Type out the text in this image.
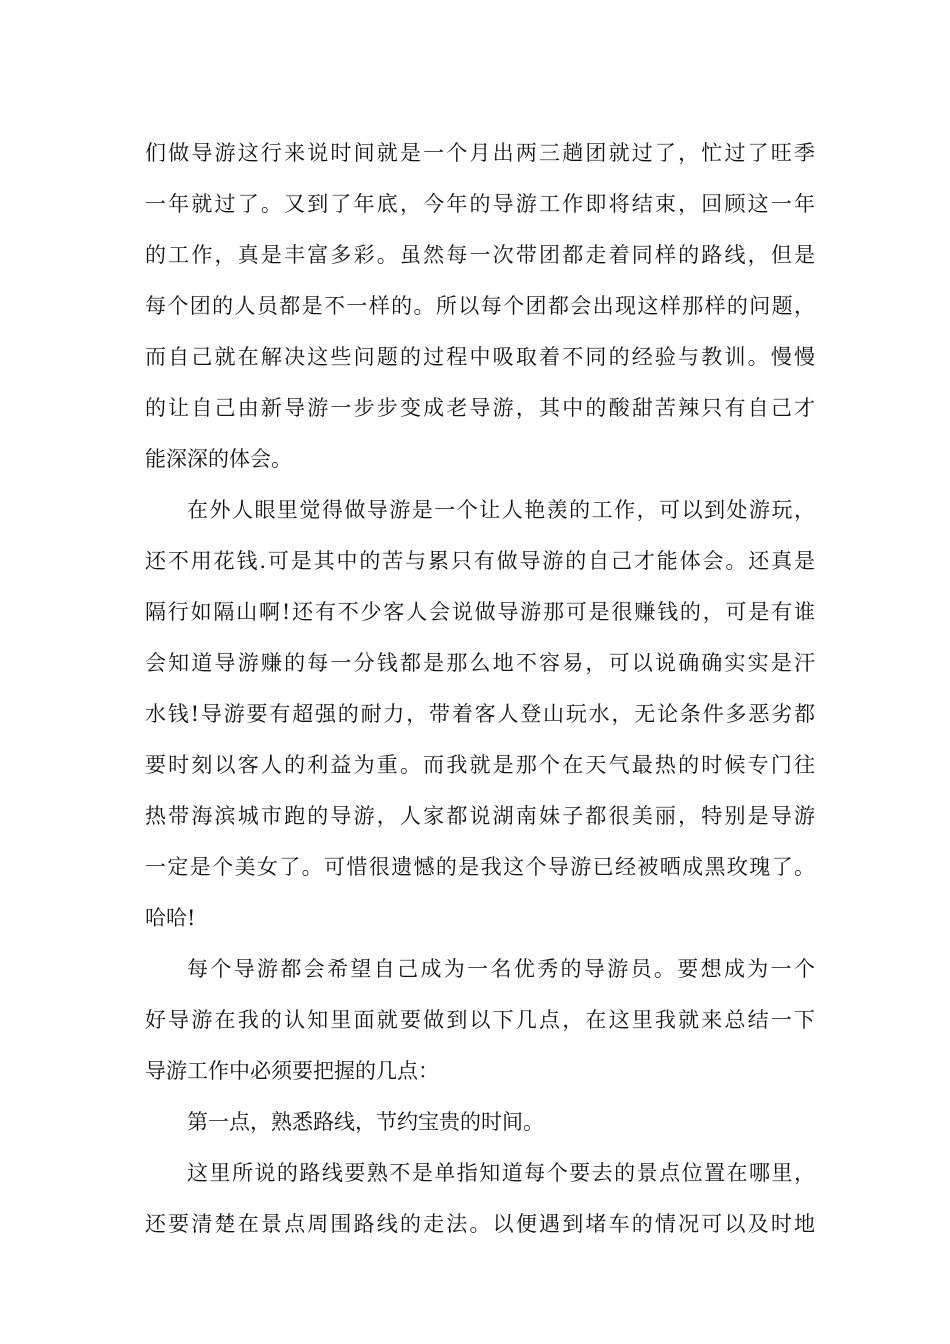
们做导游这行来说时间就是一个月出两三趟团就过了，忙过了旺季
一年就过了。又到了年底，今年的导游工作即将结束，回顾这一年
的工作，真是丰富多彩。虽然每一次带团都走着同样的路线，但是
每个团的人员都是不一样的。所以每个团都会出现这样那样的问题，
而自己就在解决这些问题的过程中吸取着不同的经验与教训。慢慢
的让自己由新导游一步步变成老导游，其中的酸甜苦辣只有自己才
能深深的体会。
在外人眼里觉得做导游是一个让人艳羡的工作，可以到处游玩，
还不用花钱.可是其中的苦与累只有做导游的自己才能体会。还真是
隔行如隔山啊!还有不少客人会说做导游那可是很赚钱的，可是有谁
会知道导游赚的每一分钱都是那么地不容易，可以说确确实实是汗
水钱!导游要有超强的耐力，带着客人登山玩水，无论条件多恶劣都
要时刻以客人的利益为重。而我就是那个在天气最热的时候专门往
热带海滨城市跑的导游，人家都说湖南妹子都很美丽，特别是导游
一定是个美女了。可惜很遗憾的是我这个导游已经被晒成黑玫瑰了。
哈哈!
每个导游都会希望自己成为一名优秀的导游员。要想成为一个
好导游在我的认知里面就要做到以下几点，在这里我就来总结一下
导游工作中必须要把握的几点：
第一点，熟悉路线，节约宝贵的时间。
这里所说的路线要熟不是单指知道每个要去的景点位置在哪里，
还要清楚在景点周围路线的走法。以便遇到堵车的情况可以及时地
